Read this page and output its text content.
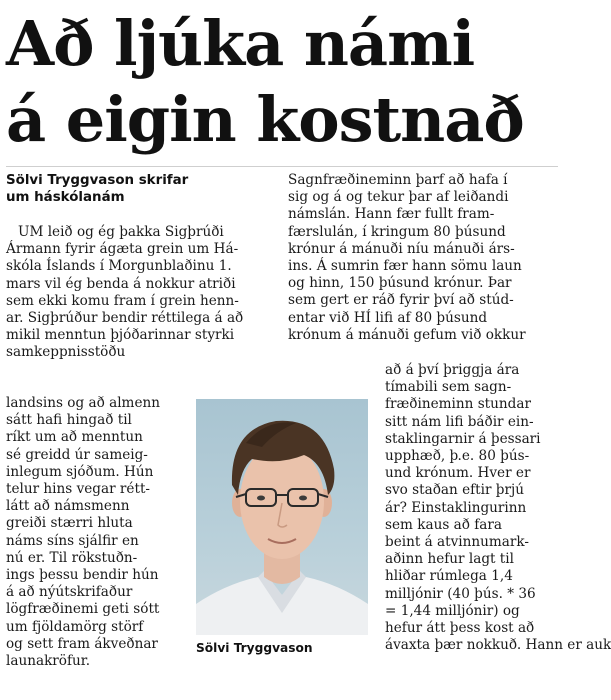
Að ljúka námi
á eigin kostnað
Sölvi Tryggvason skrifar
um háskólanám
UM leið og ég þakka Sigþrúði
Ármann fyrir ágæta grein um Há-
skóla Íslands í Morgunblaðinu 1.
mars vil ég benda á nokkur atriði
sem ekki komu fram í grein henn-
ar. Sigþrúður bendir réttilega á að
mikil menntun þjóðarinnar styrki
samkeppnisstöðu
landsins og að almenn
sátt hafi hingað til
ríkt um að menntun
sé greidd úr sameig-
inlegum sjóðum. Hún
telur hins vegar rétt-
látt að námsmenn
greiði stærri hluta
náms síns sjálfir en
nú er. Til rökstuðn-
ings þessu bendir hún
á að nýútskrifaður
lögfræðinemi geti sótt
um fjöldamörg störf
og sett fram ákveðnar
launakröfur.
Sagnfræðineminn þarf að hafa í
sig og á og tekur þar af leiðandi
námslán. Hann fær fullt fram-
færslulán, í kringum 80 þúsund
krónur á mánuði níu mánuði árs-
ins. Á sumrin fær hann sömu laun
og hinn, 150 þúsund krónur. Þar
sem gert er ráð fyrir því að stúd-
entar við HÍ lifi af 80 þúsund
krónum á mánuði gefum við okkur
að á því þriggja ára
tímabili sem sagn-
fræðineminn stundar
sitt nám lifi báðir ein-
staklingarnir á þessari
upphæð, þ.e. 80 þús-
und krónum. Hver er
svo staðan eftir þrjú
ár? Einstaklingurinn
sem kaus að fara
beint á atvinnumark-
aðinn hefur lagt til
hliðar rúmlega 1,4
milljónir (40 þús. * 36
= 1,44 milljónir) og
hefur átt þess kost að
ávaxta þær nokkuð. Hann er auk
Sölvi Tryggvason
